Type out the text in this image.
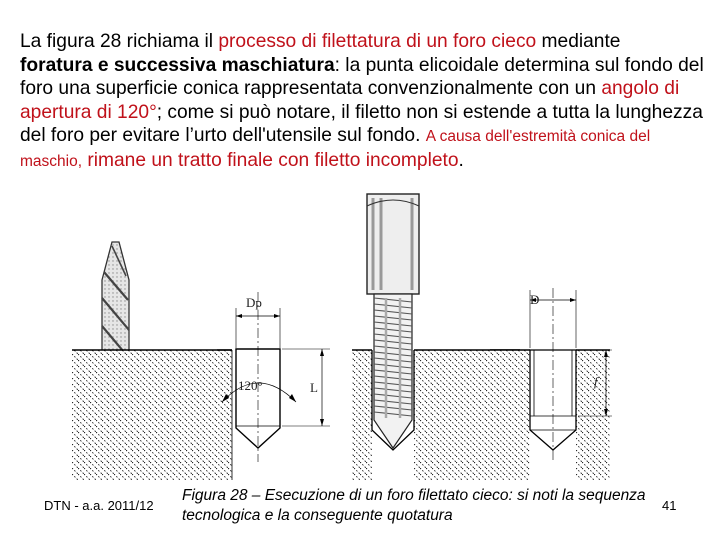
La figura 28 richiama il processo di filettatura di un foro cieco mediante
foratura e successiva maschiatura: la punta elicoidale determina sul fondo del foro una superficie conica rappresentata convenzionalmente con un angolo di apertura di 120°; come si può notare, il filetto non si estende a tutta la lunghezza del foro per evitare l’urto dell'utensile sul fondo. A causa dell'estremità conica del maschio, rimane un tratto finale con filetto incompleto.
Dp
L
120°
D
f
DTN - a.a. 2011/12
Figura 28 – Esecuzione di un foro filettato cieco: si noti la sequenza tecnologica e la conseguente quotatura
41
